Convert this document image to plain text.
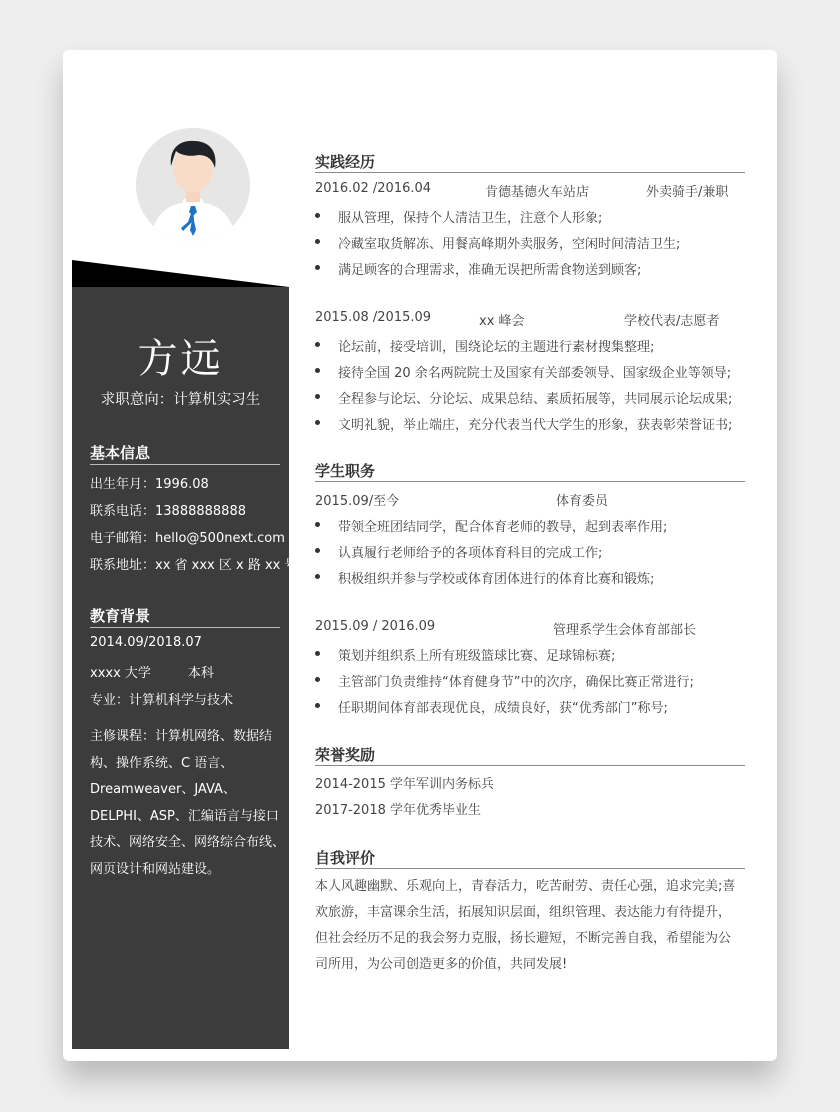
方远
求职意向：计算机实习生
基本信息
出生年月：1996.08
联系电话：13888888888
电子邮箱：hello@500next.com
联系地址：xx 省 xxx 区 x 路 xx 号
教育背景
2014.09/2018.07
xxxx 大学	本科
专业：计算机科学与技术
主修课程：计算机网络、数据结构、操作系统、C 语言、Dreamweaver、JAVA、DELPHI、ASP、汇编语言与接口技术、网络安全、网络综合布线、网页设计和网站建设。
实践经历
2016.02 /2016.04	肯德基德火车站店	外卖骑手/兼职
服从管理，保持个人清洁卫生，注意个人形象;
冷藏室取货解冻、用餐高峰期外卖服务，空闲时间清洁卫生;
满足顾客的合理需求，准确无误把所需食物送到顾客;
2015.08 /2015.09	xx 峰会	学校代表/志愿者
论坛前，接受培训，围绕论坛的主题进行素材搜集整理;
接待全国 20 余名两院院士及国家有关部委领导、国家级企业等领导;
全程参与论坛、分论坛、成果总结、素质拓展等，共同展示论坛成果;
文明礼貌，举止端庄，充分代表当代大学生的形象，获表彰荣誉证书;
学生职务
2015.09/至今	体育委员
带领全班团结同学，配合体育老师的教导，起到表率作用;
认真履行老师给予的各项体育科目的完成工作;
积极组织并参与学校或体育团体进行的体育比赛和锻炼;
2015.09 / 2016.09	管理系学生会体育部部长
策划并组织系上所有班级篮球比赛、足球锦标赛;
主管部门负责维持“体育健身节”中的次序，确保比赛正常进行;
任职期间体育部表现优良，成绩良好，获“优秀部门”称号;
荣誉奖励
2014-2015 学年军训内务标兵
2017-2018 学年优秀毕业生
自我评价
本人风趣幽默、乐观向上，青春活力，吃苦耐劳、责任心强，追求完美;喜欢旅游，丰富课余生活，拓展知识层面，组织管理、表达能力有待提升，但社会经历不足的我会努力克服，扬长避短，不断完善自我，希望能为公司所用，为公司创造更多的价值，共同发展!
